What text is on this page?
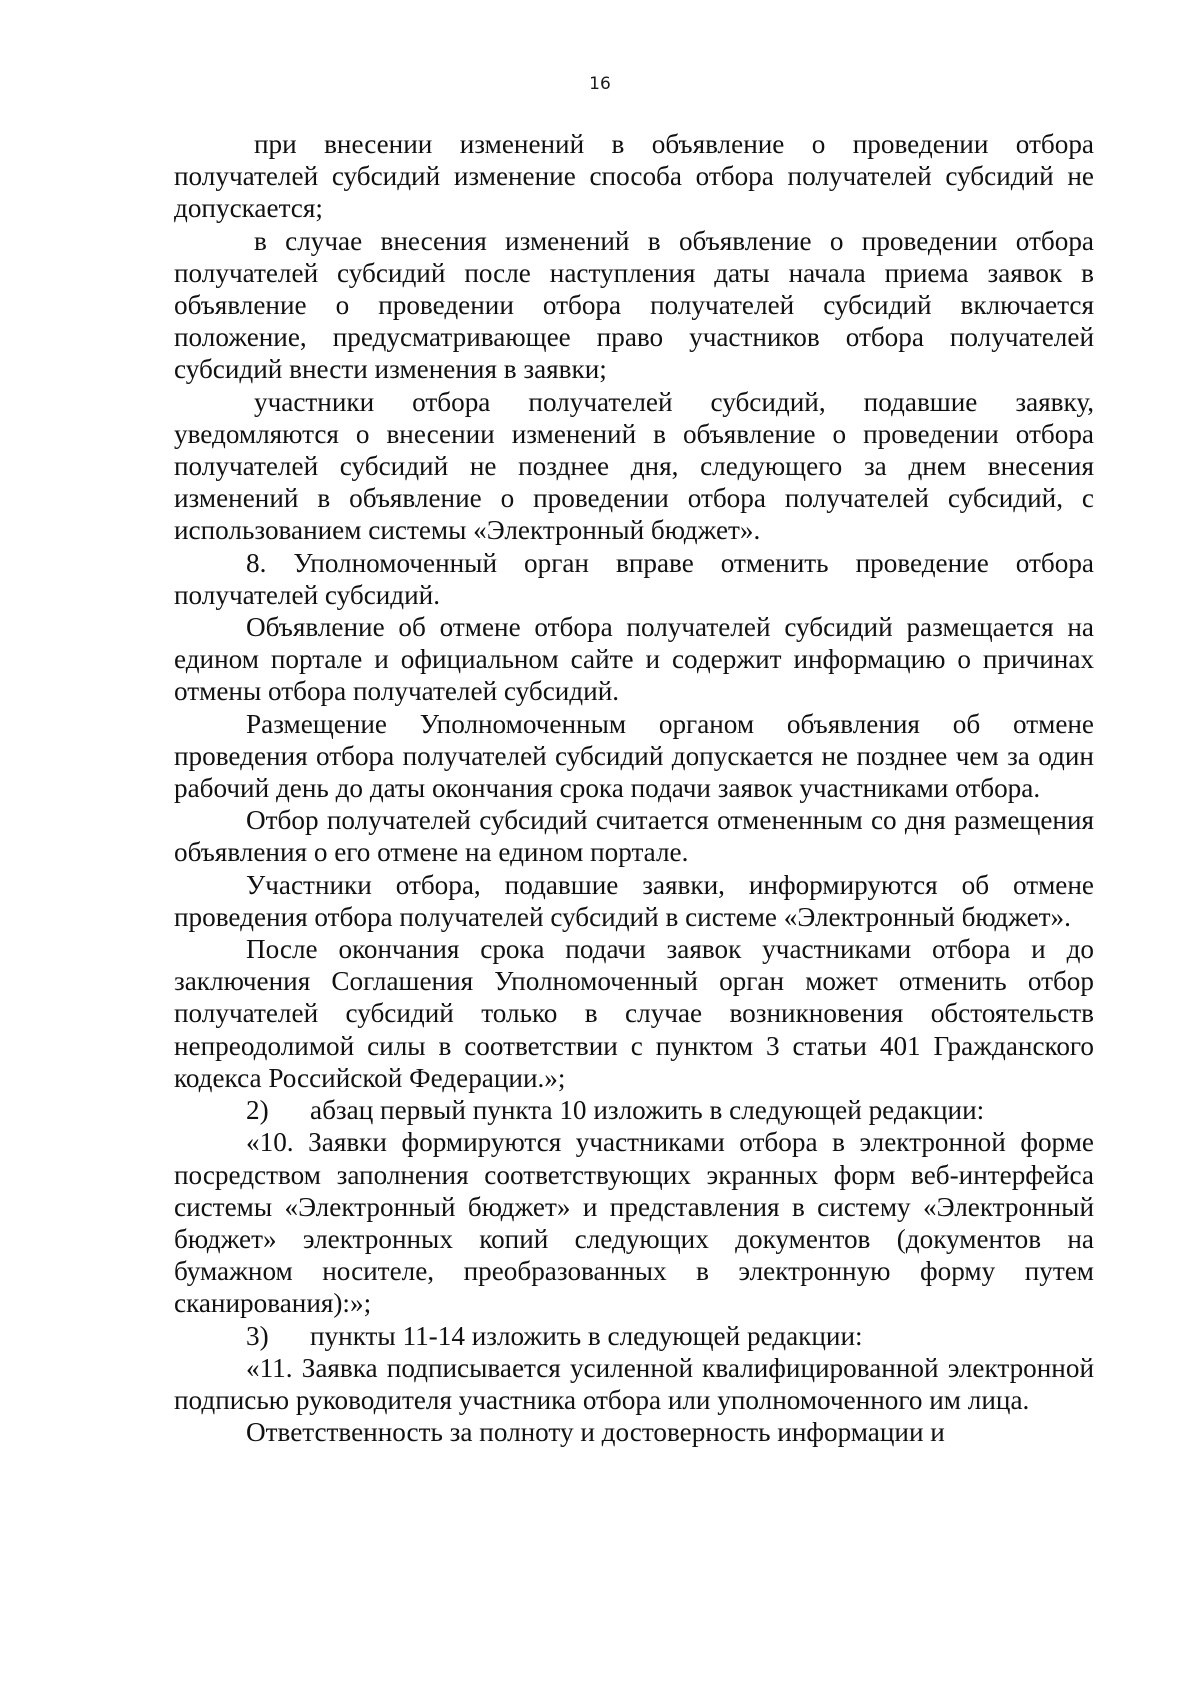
16

при внесении изменений в объявление о проведении отбора получателей субсидий изменение способа отбора получателей субсидий не допускается;

в случае внесения изменений в объявление о проведении отбора получателей субсидий после наступления даты начала приема заявок в объявление о проведении отбора получателей субсидий включается положение, предусматривающее право участников отбора получателей субсидий внести изменения в заявки;

участники отбора получателей субсидий, подавшие заявку, уведомляются о внесении изменений в объявление о проведении отбора получателей субсидий не позднее дня, следующего за днем внесения изменений в объявление о проведении отбора получателей субсидий, с использованием системы «Электронный бюджет».

8. Уполномоченный орган вправе отменить проведение отбора получателей субсидий.

Объявление об отмене отбора получателей субсидий размещается на едином портале и официальном сайте и содержит информацию о причинах отмены отбора получателей субсидий.

Размещение Уполномоченным органом объявления об отмене проведения отбора получателей субсидий допускается не позднее чем за один рабочий день до даты окончания срока подачи заявок участниками отбора.

Отбор получателей субсидий считается отмененным со дня размещения объявления о его отмене на едином портале.

Участники отбора, подавшие заявки, информируются об отмене проведения отбора получателей субсидий в системе «Электронный бюджет».

После окончания срока подачи заявок участниками отбора и до заключения Соглашения Уполномоченный орган может отменить отбор получателей субсидий только в случае возникновения обстоятельств непреодолимой силы в соответствии с пунктом 3 статьи 401 Гражданского кодекса Российской Федерации.»;

2) абзац первый пункта 10 изложить в следующей редакции:

«10. Заявки формируются участниками отбора в электронной форме посредством заполнения соответствующих экранных форм веб-интерфейса системы «Электронный бюджет» и представления в систему «Электронный бюджет» электронных копий следующих документов (документов на бумажном носителе, преобразованных в электронную форму путем сканирования):»;

3) пункты 11-14 изложить в следующей редакции:

«11. Заявка подписывается усиленной квалифицированной электронной подписью руководителя участника отбора или уполномоченного им лица.

Ответственность за полноту и достоверность информации и
